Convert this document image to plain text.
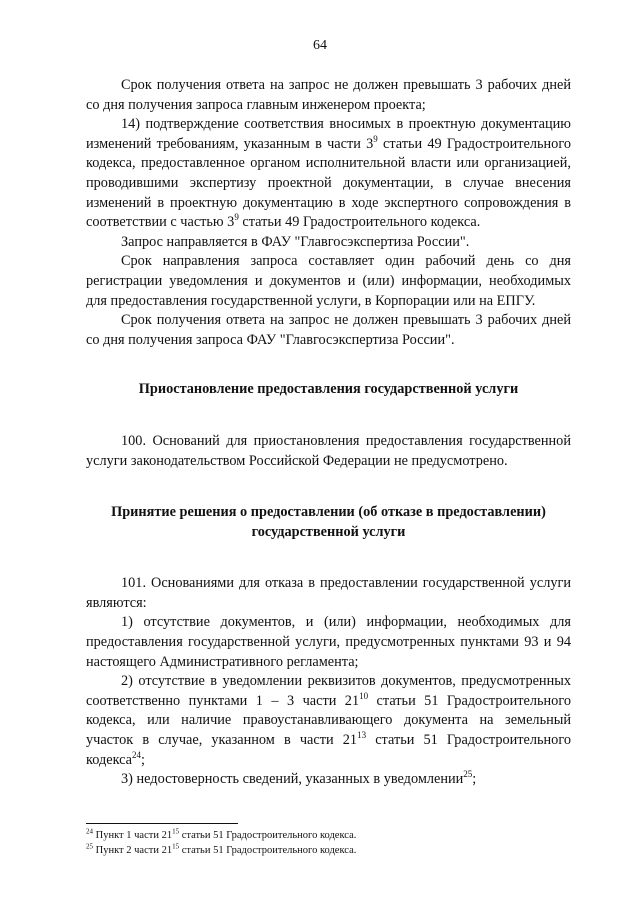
64

Срок получения ответа на запрос не должен превышать 3 рабочих дней со дня получения запроса главным инженером проекта;

14) подтверждение соответствия вносимых в проектную документацию изменений требованиям, указанным в части $3^9$ статьи 49 Градостроительного кодекса, предоставленное органом исполнительной власти или организацией, проводившими экспертизу проектной документации, в случае внесения изменений в проектную документацию в ходе экспертного сопровождения в соответствии с частью $3^9$ статьи 49 Градостроительного кодекса.

Запрос направляется в ФАУ "Главгосэкспертиза России".

Срок направления запроса составляет один рабочий день со дня регистрации уведомления и документов и (или) информации, необходимых для предоставления государственной услуги, в Корпорации или на ЕПГУ.

Срок получения ответа на запрос не должен превышать 3 рабочих дней со дня получения запроса ФАУ "Главгосэкспертиза России".

Приостановление предоставления государственной услуги

100. Оснований для приостановления предоставления государственной услуги законодательством Российской Федерации не предусмотрено.

Принятие решения о предоставлении (об отказе в предоставлении) государственной услуги

101. Основаниями для отказа в предоставлении государственной услуги являются:

1) отсутствие документов, и (или) информации, необходимых для предоставления государственной услуги, предусмотренных пунктами 93 и 94 настоящего Административного регламента;

2) отсутствие в уведомлении реквизитов документов, предусмотренных соответственно пунктами 1 – 3 части $21^{10}$ статьи 51 Градостроительного кодекса, или наличие правоустанавливающего документа на земельный участок в случае, указанном в части $21^{13}$ статьи 51 Градостроительного кодекса$^{24}$;

3) недостоверность сведений, указанных в уведомлении$^{25}$;

$^{24}$ Пункт 1 части $21^{15}$ статьи 51 Градостроительного кодекса.

$^{25}$ Пункт 2 части $21^{15}$ статьи 51 Градостроительного кодекса.
